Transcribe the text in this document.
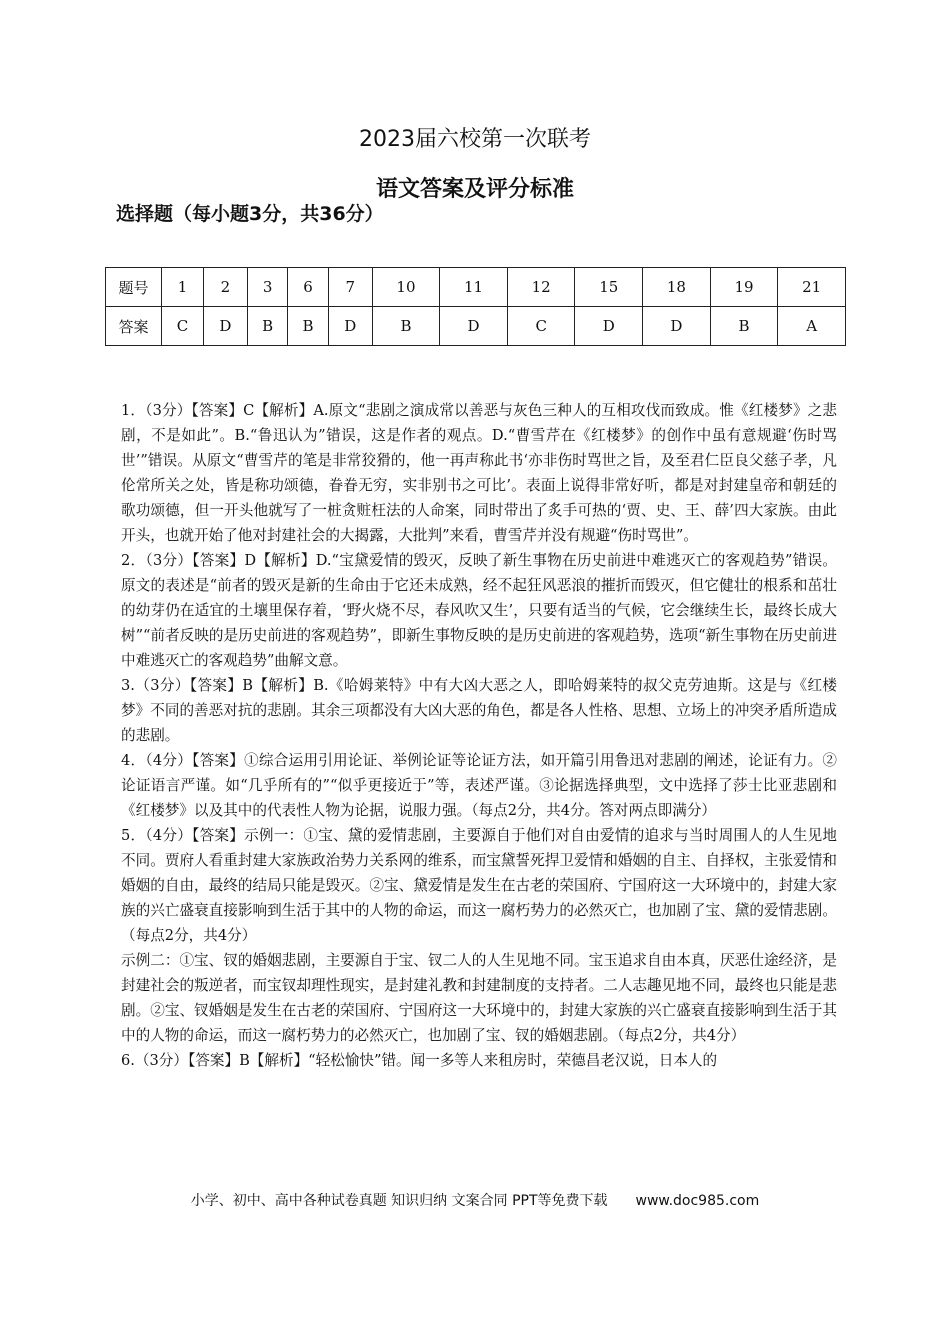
2023届六校第一次联考
语文答案及评分标准
选择题（每小题3分，共36分）
题号	1	2	3	6	7	10	11	12	15	18	19	21
答案	C	D	B	B	D	B	D	C	D	D	B	A

1．（3分）【答案】C【解析】A.原文“悲剧之演成常以善恶与灰色三种人的互相攻伐而致成。惟《红楼梦》之悲剧，不是如此”。B.“鲁迅认为”错误，这是作者的观点。D.“曹雪芹在《红楼梦》的创作中虽有意规避‘伤时骂世’”错误。从原文“曹雪芹的笔是非常狡猾的，他一再声称此书‘亦非伤时骂世之旨，及至君仁臣良父慈子孝，凡伦常所关之处，皆是称功颂德，眷眷无穷，实非别书之可比’。表面上说得非常好听，都是对封建皇帝和朝廷的歌功颂德，但一开头他就写了一桩贪赃枉法的人命案，同时带出了炙手可热的‘贾、史、王、薛’四大家族。由此开头，也就开始了他对封建社会的大揭露，大批判”来看，曹雪芹并没有规避“伤时骂世”。

2．（3分）【答案】D【解析】D.“宝黛爱情的毁灭，反映了新生事物在历史前进中难逃灭亡的客观趋势”错误。原文的表述是“前者的毁灭是新的生命由于它还未成熟，经不起狂风恶浪的摧折而毁灭，但它健壮的根系和茁壮的幼芽仍在适宜的土壤里保存着，‘野火烧不尽，春风吹又生’，只要有适当的气候，它会继续生长，最终长成大树”“前者反映的是历史前进的客观趋势”，即新生事物反映的是历史前进的客观趋势，选项“新生事物在历史前进中难逃灭亡的客观趋势”曲解文意。

3.（3分）【答案】B【解析】B.《哈姆莱特》中有大凶大恶之人，即哈姆莱特的叔父克劳迪斯。这是与《红楼梦》不同的善恶对抗的悲剧。其余三项都没有大凶大恶的角色，都是各人性格、思想、立场上的冲突矛盾所造成的悲剧。

4．（4分）【答案】①综合运用引用论证、举例论证等论证方法，如开篇引用鲁迅对悲剧的阐述，论证有力。②论证语言严谨。如“几乎所有的”“似乎更接近于”等，表述严谨。③论据选择典型，文中选择了莎士比亚悲剧和《红楼梦》以及其中的代表性人物为论据，说服力强。（每点2分，共4分。答对两点即满分）

5．（4分）【答案】示例一：①宝、黛的爱情悲剧，主要源自于他们对自由爱情的追求与当时周围人的人生见地不同。贾府人看重封建大家族政治势力关系网的维系，而宝黛誓死捍卫爱情和婚姻的自主、自择权，主张爱情和婚姻的自由，最终的结局只能是毁灭。②宝、黛爱情是发生在古老的荣国府、宁国府这一大环境中的，封建大家族的兴亡盛衰直接影响到生活于其中的人物的命运，而这一腐朽势力的必然灭亡，也加剧了宝、黛的爱情悲剧。（每点2分，共4分）

示例二：①宝、钗的婚姻悲剧，主要源自于宝、钗二人的人生见地不同。宝玉追求自由本真，厌恶仕途经济，是封建社会的叛逆者，而宝钗却理性现实，是封建礼教和封建制度的支持者。二人志趣见地不同，最终也只能是悲剧。②宝、钗婚姻是发生在古老的荣国府、宁国府这一大环境中的，封建大家族的兴亡盛衰直接影响到生活于其中的人物的命运，而这一腐朽势力的必然灭亡，也加剧了宝、钗的婚姻悲剧。（每点2分，共4分）

6.（3分）【答案】B【解析】“轻松愉快”错。闻一多等人来租房时，荣德昌老汉说，日本人的

小学、初中、高中各种试卷真题 知识归纳 文案合同 PPT等免费下载 www.doc985.com
